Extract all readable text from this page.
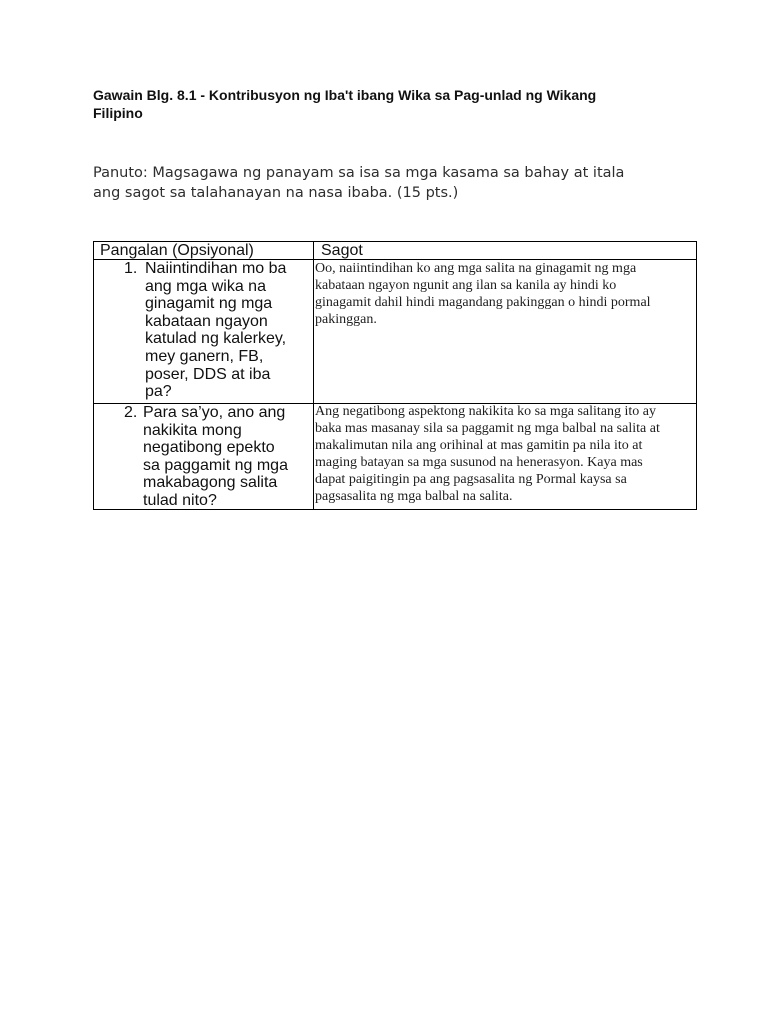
Gawain Blg. 8.1 - Kontribusyon ng Iba't ibang Wika sa Pag-unlad ng Wikang
Filipino
Panuto: Magsagawa ng panayam sa isa sa mga kasama sa bahay at itala
ang sagot sa talahanayan na nasa ibaba. (15 pts.)
Pangalan (Opsiyonal)	Sagot
1. Naiintindihan mo ba
ang mga wika na
ginagamit ng mga
kabataan ngayon
katulad ng kalerkey,
mey ganern, FB,
poser, DDS at iba
pa?
Oo, naiintindihan ko ang mga salita na ginagamit ng mga
kabataan ngayon ngunit ang ilan sa kanila ay hindi ko
ginagamit dahil hindi magandang pakinggan o hindi pormal
pakinggan.
2. Para sa’yo, ano ang
nakikita mong
negatibong epekto
sa paggamit ng mga
makabagong salita
tulad nito?
Ang negatibong aspektong nakikita ko sa mga salitang ito ay
baka mas masanay sila sa paggamit ng mga balbal na salita at
makalimutan nila ang orihinal at mas gamitin pa nila ito at
maging batayan sa mga susunod na henerasyon. Kaya mas
dapat paigitingin pa ang pagsasalita ng Pormal kaysa sa
pagsasalita ng mga balbal na salita.
